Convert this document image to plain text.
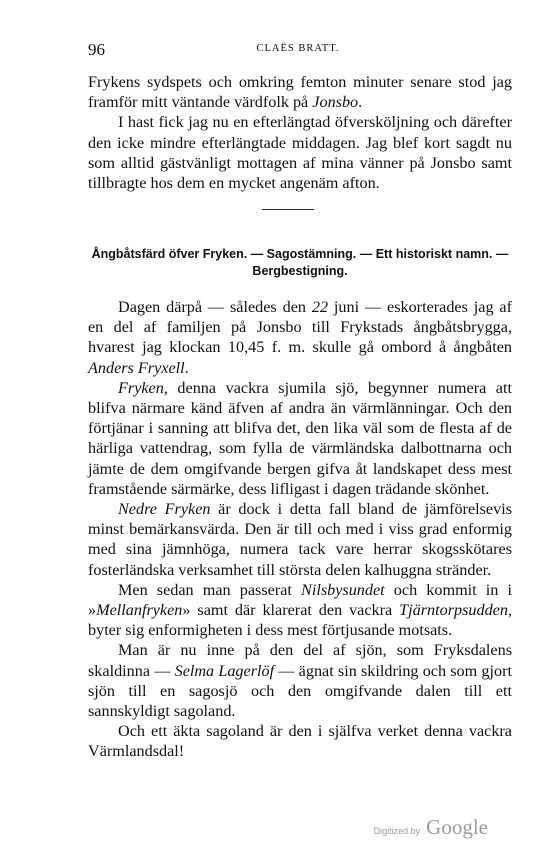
96	CLAËS BRATT.

Frykens sydspets och omkring femton minuter senare stod jag framför mitt väntande värdfolk på Jonsbo.

I hast fick jag nu en efterlängtad öfversköljning och därefter den icke mindre efterlängtade middagen. Jag blef kort sagdt nu som alltid gästvänligt mottagen af mina vänner på Jonsbo samt tillbragte hos dem en mycket angenäm afton.

Ångbåtsfärd öfver Fryken. — Sagostämning. — Ett historiskt namn. — Bergbestigning.

Dagen därpå — således den 22 juni — eskorterades jag af en del af familjen på Jonsbo till Frykstads ångbåtsbrygga, hvarest jag klockan 10,45 f. m. skulle gå ombord å ångbåten Anders Fryxell.

Fryken, denna vackra sjumila sjö, begynner numera att blifva närmare känd äfven af andra än värmlänningar. Och den förtjänar i sanning att blifva det, den lika väl som de flesta af de härliga vattendrag, som fylla de värmländska dalbottnarna och jämte de dem omgifvande bergen gifva åt landskapet dess mest framstående särmärke, dess lifligast i dagen trädande skönhet.

Nedre Fryken är dock i detta fall bland de jämförelsevis minst bemärkansvärda. Den är till och med i viss grad enformig med sina jämnhöga, numera tack vare herrar skogsskötares fosterländska verksamhet till största delen kalhuggna stränder.

Men sedan man passerat Nilsbysundet och kommit in i »Mellanfryken» samt där klarerat den vackra Tjärntorpsudden, byter sig enformigheten i dess mest förtjusande motsats.

Man är nu inne på den del af sjön, som Fryksdalens skaldinna — Selma Lagerlöf — ägnat sin skildring och som gjort sjön till en sagosjö och den omgifvande dalen till ett sannskyldigt sagoland.

Och ett äkta sagoland är den i själfva verket denna vackra Värmlandsdal!

Digitized by Google
